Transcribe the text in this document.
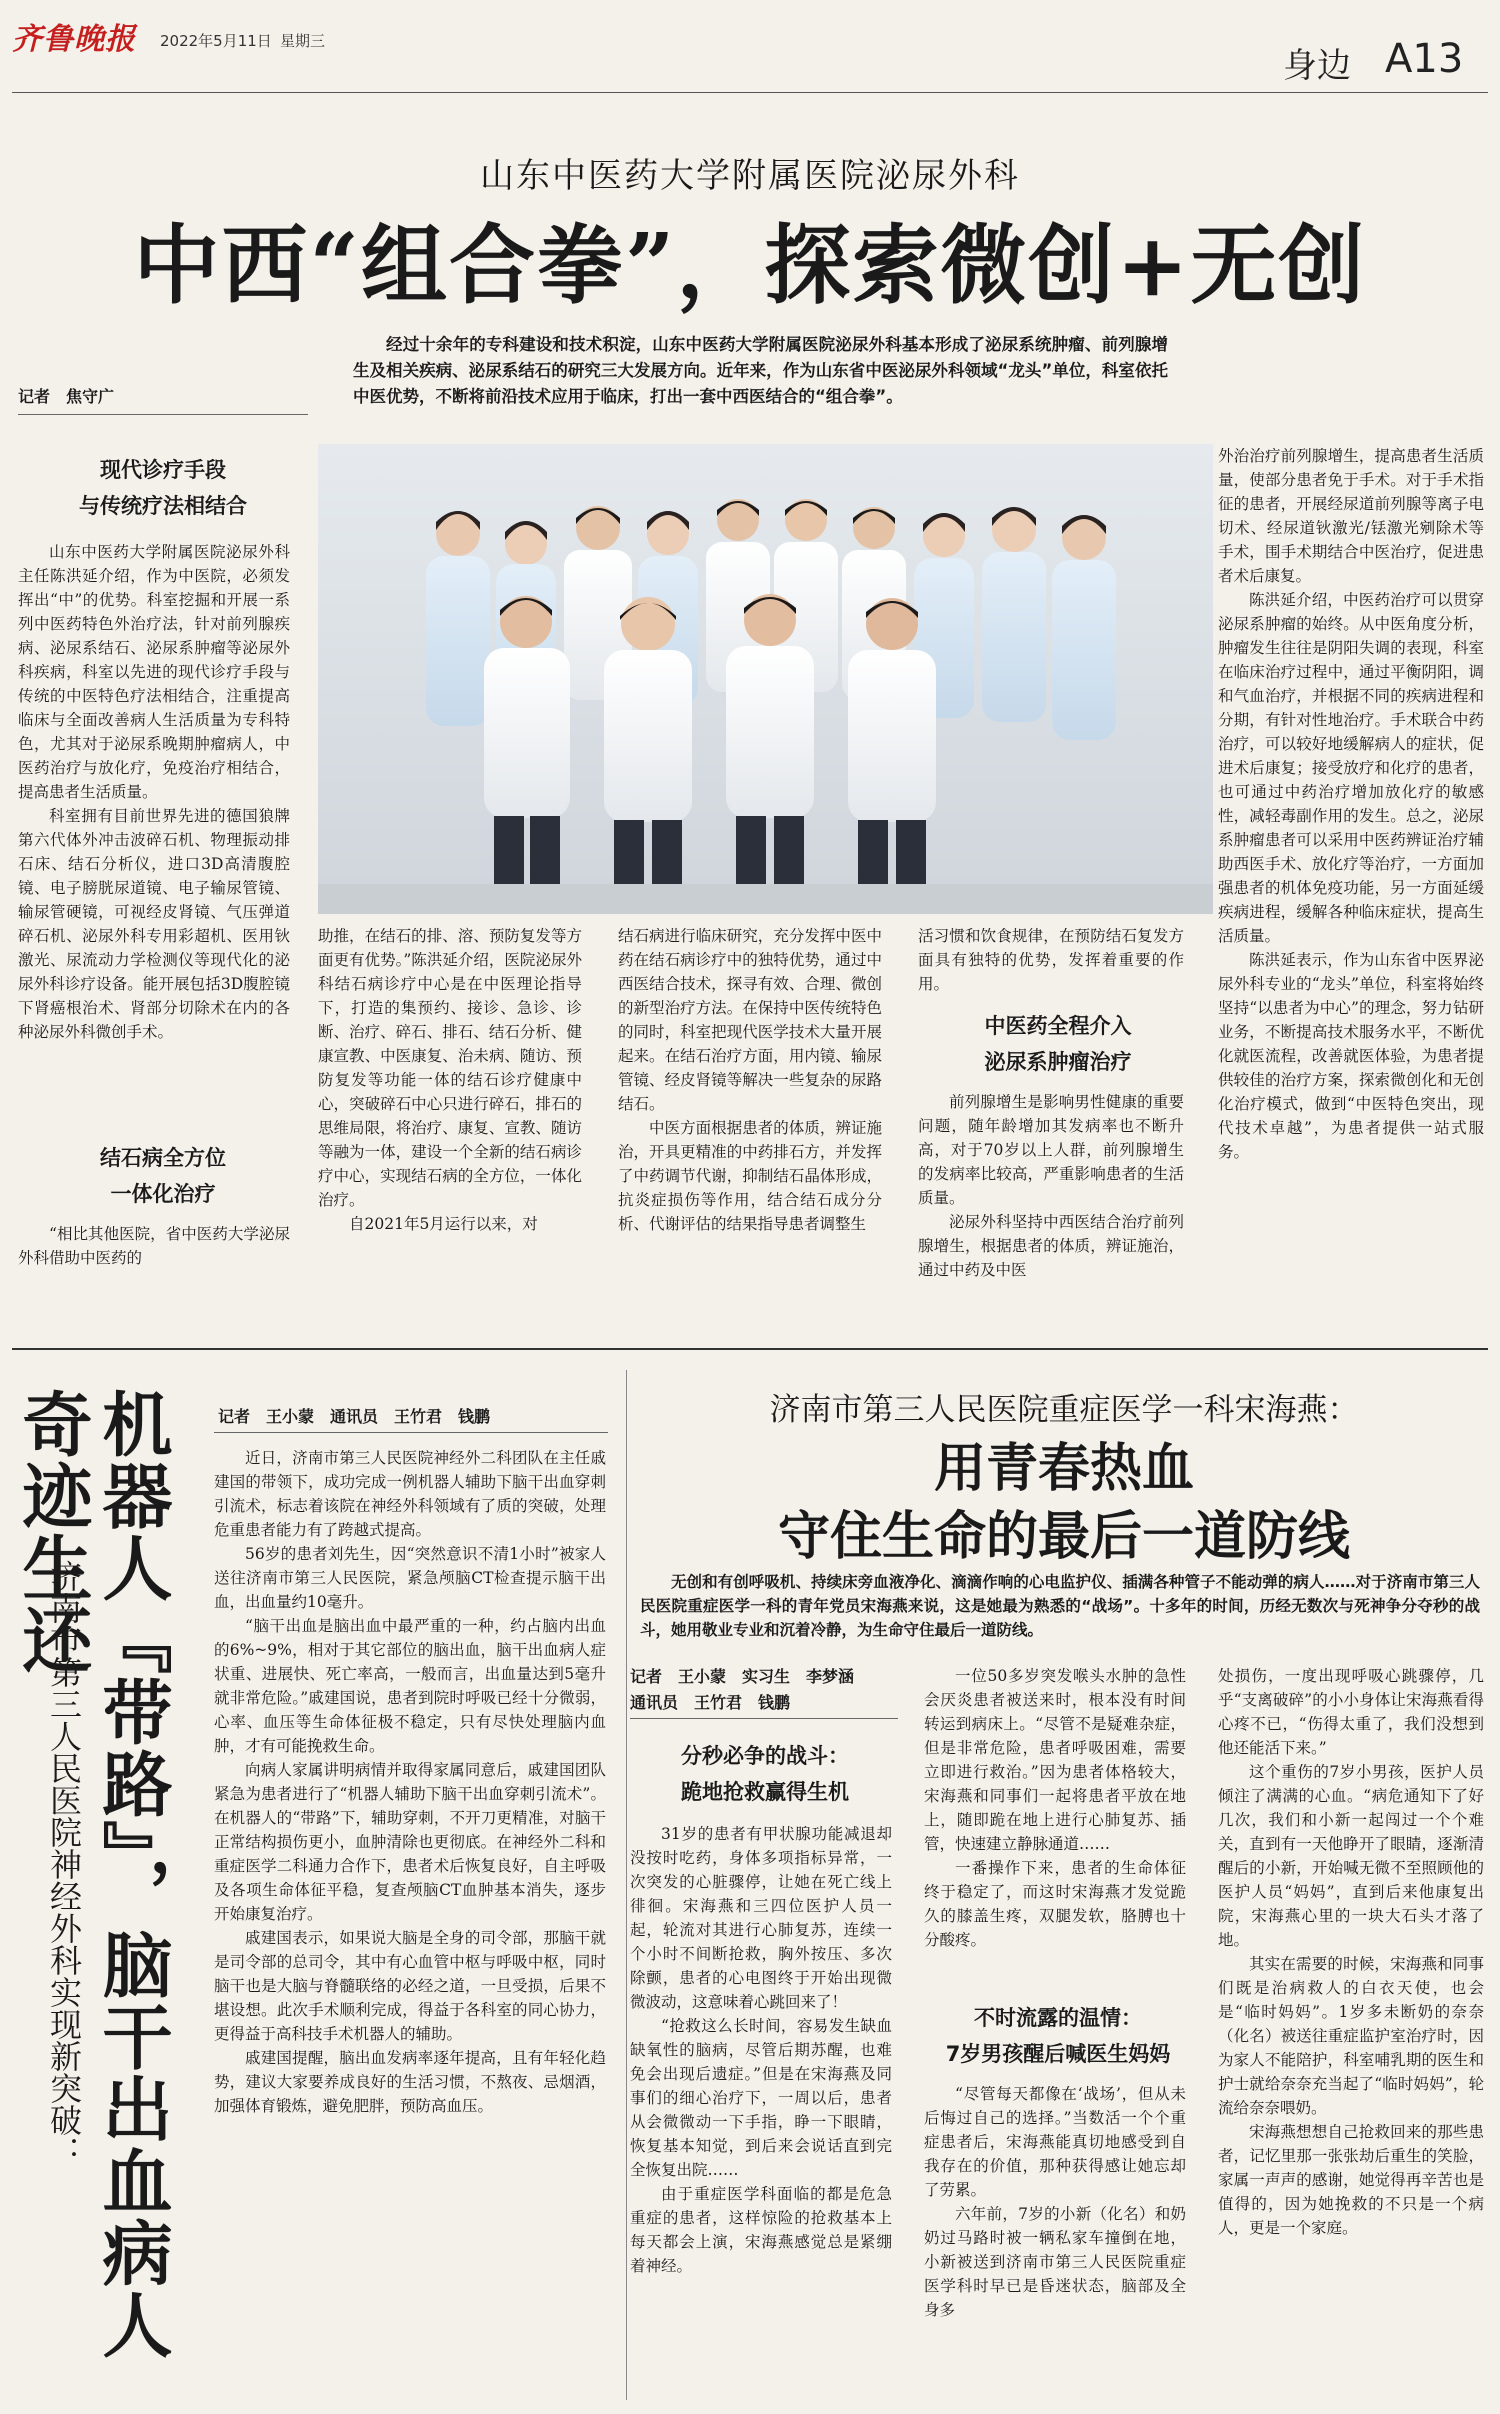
齐鲁晚报 2022年5月11日 星期三
身边 A13
山东中医药大学附属医院泌尿外科
中西“组合拳”，探索微创+无创
经过十余年的专科建设和技术积淀，山东中医药大学附属医院泌尿外科基本形成了泌尿系统肿瘤、前列腺增生及相关疾病、泌尿系结石的研究三大发展方向。近年来，作为山东省中医泌尿外科领域“龙头”单位，科室依托中医优势，不断将前沿技术应用于临床，打出一套中西医结合的“组合拳”。
记者　焦守广
现代诊疗手段
与传统疗法相结合

山东中医药大学附属医院泌尿外科主任陈洪延介绍，作为中医院，必须发挥出“中”的优势。科室挖掘和开展一系列中医药特色外治疗法，针对前列腺疾病、泌尿系结石、泌尿系肿瘤等泌尿外科疾病，科室以先进的现代诊疗手段与传统的中医特色疗法相结合，注重提高临床与全面改善病人生活质量为专科特色，尤其对于泌尿系晚期肿瘤病人，中医药治疗与放化疗，免疫治疗相结合，提高患者生活质量。

科室拥有目前世界先进的德国狼牌第六代体外冲击波碎石机、物理振动排石床、结石分析仪，进口3D高清腹腔镜、电子膀胱尿道镜、电子输尿管镜、输尿管硬镜，可视经皮肾镜、气压弹道碎石机、泌尿外科专用彩超机、医用钬激光、尿流动力学检测仪等现代化的泌尿外科诊疗设备。能开展包括3D腹腔镜下肾癌根治术、肾部分切除术在内的各种泌尿外科微创手术。

结石病全方位
一体化治疗
“相比其他医院，省中医药大学泌尿外科借助中医药的

助推，在结石的排、溶、预防复发等方面更有优势。”陈洪延介绍，医院泌尿外科结石病诊疗中心是在中医理论指导下，打造的集预约、接诊、急诊、诊断、治疗、碎石、排石、结石分析、健康宣教、中医康复、治未病、随访、预防复发等功能一体的结石诊疗健康中心，突破碎石中心只进行碎石，排石的思维局限，将治疗、康复、宣教、随访等融为一体，建设一个全新的结石病诊疗中心，实现结石病的全方位，一体化治疗。

自2021年5月运行以来，对

结石病进行临床研究，充分发挥中医中药在结石病诊疗中的独特优势，通过中西医结合技术，探寻有效、合理、微创的新型治疗方法。在保持中医传统特色的同时，科室把现代医学技术大量开展起来。在结石治疗方面，用内镜、输尿管镜、经皮肾镜等解决一些复杂的尿路结石。

中医方面根据患者的体质，辨证施治，开具更精准的中药排石方，并发挥了中药调节代谢，抑制结石晶体形成，抗炎症损伤等作用，结合结石成分分析、代谢评估的结果指导患者调整生

活习惯和饮食规律，在预防结石复发方面具有独特的优势，发挥着重要的作用。

中医药全程介入
泌尿系肿瘤治疗

前列腺增生是影响男性健康的重要问题，随年龄增加其发病率也不断升高，对于70岁以上人群，前列腺增生的发病率比较高，严重影响患者的生活质量。

泌尿外科坚持中西医结合治疗前列腺增生，根据患者的体质，辨证施治，通过中药及中医

外治治疗前列腺增生，提高患者生活质量，使部分患者免于手术。对于手术指征的患者，开展经尿道前列腺等离子电切术、经尿道钬激光/铥激光剜除术等手术，围手术期结合中医治疗，促进患者术后康复。

陈洪延介绍，中医药治疗可以贯穿泌尿系肿瘤的始终。从中医角度分析，肿瘤发生往往是阴阳失调的表现，科室在临床治疗过程中，通过平衡阴阳，调和气血治疗，并根据不同的疾病进程和分期，有针对性地治疗。手术联合中药治疗，可以较好地缓解病人的症状，促进术后康复；接受放疗和化疗的患者，也可通过中药治疗增加放化疗的敏感性，减轻毒副作用的发生。总之，泌尿系肿瘤患者可以采用中医药辨证治疗辅助西医手术、放化疗等治疗，一方面加强患者的机体免疫功能，另一方面延缓疾病进程，缓解各种临床症状，提高生活质量。

陈洪延表示，作为山东省中医界泌尿外科专业的“龙头”单位，科室将始终坚持“以患者为中心”的理念，努力钻研业务，不断提高技术服务水平，不断优化就医流程，改善就医体验，为患者提供较佳的治疗方案，探索微创化和无创化治疗模式，做到“中医特色突出，现代技术卓越”，为患者提供一站式服务。

机器人『带路』，脑干出血病人奇迹生还
济南市第三人民医院神经外科实现新突破：
记者　王小蒙　通讯员　王竹君　钱鹏

近日，济南市第三人民医院神经外二科团队在主任戚建国的带领下，成功完成一例机器人辅助下脑干出血穿刺引流术，标志着该院在神经外科领域有了质的突破，处理危重患者能力有了跨越式提高。

56岁的患者刘先生，因“突然意识不清1小时”被家人送往济南市第三人民医院，紧急颅脑CT检查提示脑干出血，出血量约10毫升。

“脑干出血是脑出血中最严重的一种，约占脑内出血的6%~9%，相对于其它部位的脑出血，脑干出血病人症状重、进展快、死亡率高，一般而言，出血量达到5毫升就非常危险。”戚建国说，患者到院时呼吸已经十分微弱，心率、血压等生命体征极不稳定，只有尽快处理脑内血肿，才有可能挽救生命。

向病人家属讲明病情并取得家属同意后，戚建国团队紧急为患者进行了“机器人辅助下脑干出血穿刺引流术”。在机器人的“带路”下，辅助穿刺，不开刀更精准，对脑干正常结构损伤更小，血肿清除也更彻底。在神经外二科和重症医学二科通力合作下，患者术后恢复良好，自主呼吸及各项生命体征平稳，复查颅脑CT血肿基本消失，逐步开始康复治疗。

戚建国表示，如果说大脑是全身的司令部，那脑干就是司令部的总司令，其中有心血管中枢与呼吸中枢，同时脑干也是大脑与脊髓联络的必经之道，一旦受损，后果不堪设想。此次手术顺利完成，得益于各科室的同心协力，更得益于高科技手术机器人的辅助。

戚建国提醒，脑出血发病率逐年提高，且有年轻化趋势，建议大家要养成良好的生活习惯，不熬夜、忌烟酒，加强体育锻炼，避免肥胖，预防高血压。

济南市第三人民医院重症医学一科宋海燕：
用青春热血
守住生命的最后一道防线
无创和有创呼吸机、持续床旁血液净化、滴滴作响的心电监护仪、插满各种管子不能动弹的病人……对于济南市第三人民医院重症医学一科的青年党员宋海燕来说，这是她最为熟悉的“战场”。十多年的时间，历经无数次与死神争分夺秒的战斗，她用敬业专业和沉着冷静，为生命守住最后一道防线。
记者　王小蒙　实习生　李梦涵
通讯员　王竹君　钱鹏
分秒必争的战斗：
跪地抢救赢得生机

31岁的患者有甲状腺功能减退却没按时吃药，身体多项指标异常，一次突发的心脏骤停，让她在死亡线上徘徊。宋海燕和三四位医护人员一起，轮流对其进行心肺复苏，连续一个小时不间断抢救，胸外按压、多次除颤，患者的心电图终于开始出现微微波动，这意味着心跳回来了！

“抢救这么长时间，容易发生缺血缺氧性的脑病，尽管后期苏醒，也难免会出现后遗症。”但是在宋海燕及同事们的细心治疗下，一周以后，患者从会微微动一下手指，睁一下眼睛，恢复基本知觉，到后来会说话直到完全恢复出院……

由于重症医学科面临的都是危急重症的患者，这样惊险的抢救基本上每天都会上演，宋海燕感觉总是紧绷着神经。

一位50多岁突发喉头水肿的急性会厌炎患者被送来时，根本没有时间转运到病床上。“尽管不是疑难杂症，但是非常危险，患者呼吸困难，需要立即进行救治。”因为患者体格较大，宋海燕和同事们一起将患者平放在地上，随即跪在地上进行心肺复苏、插管，快速建立静脉通道……

一番操作下来，患者的生命体征终于稳定了，而这时宋海燕才发觉跪久的膝盖生疼，双腿发软，胳膊也十分酸疼。

不时流露的温情：
7岁男孩醒后喊医生妈妈

“尽管每天都像在‘战场’，但从未后悔过自己的选择。”当数活一个个重症患者后，宋海燕能真切地感受到自我存在的价值，那种获得感让她忘却了劳累。

六年前，7岁的小新（化名）和奶奶过马路时被一辆私家车撞倒在地，小新被送到济南市第三人民医院重症医学科时早已是昏迷状态，脑部及全身多

处损伤，一度出现呼吸心跳骤停，几乎“支离破碎”的小小身体让宋海燕看得心疼不已，“伤得太重了，我们没想到他还能活下来。”

这个重伤的7岁小男孩，医护人员倾注了满满的心血。“病危通知下了好几次，我们和小新一起闯过一个个难关，直到有一天他睁开了眼睛，逐渐清醒后的小新，开始喊无微不至照顾他的医护人员“妈妈”，直到后来他康复出院，宋海燕心里的一块大石头才落了地。

其实在需要的时候，宋海燕和同事们既是治病救人的白衣天使，也会是“临时妈妈”。1岁多未断奶的奈奈（化名）被送往重症监护室治疗时，因为家人不能陪护，科室哺乳期的医生和护士就给奈奈充当起了“临时妈妈”，轮流给奈奈喂奶。

宋海燕想想自己抢救回来的那些患者，记忆里那一张张劫后重生的笑脸，家属一声声的感谢，她觉得再辛苦也是值得的，因为她挽救的不只是一个病人，更是一个家庭。
